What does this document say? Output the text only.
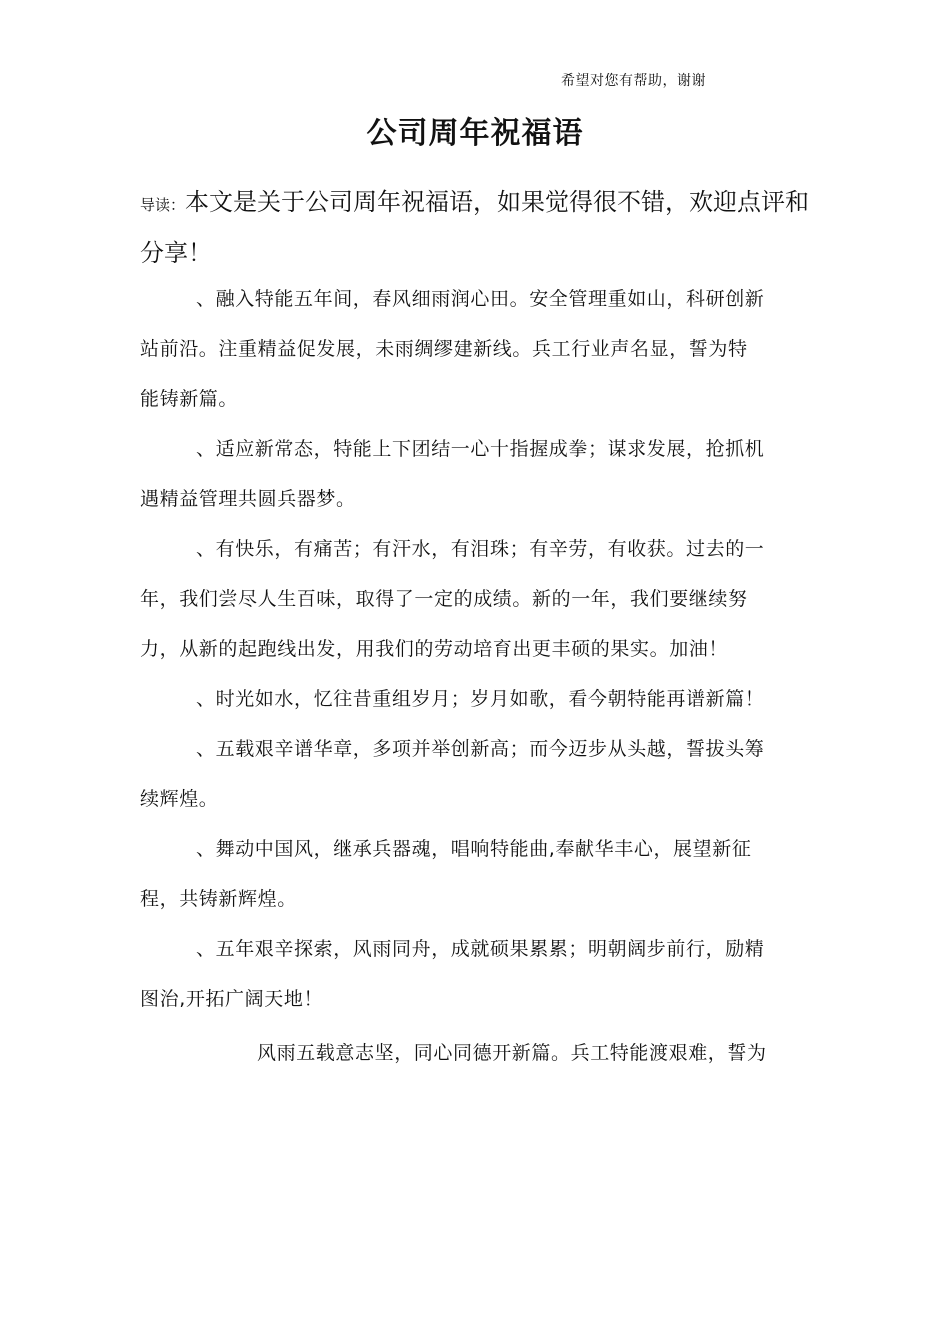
希望对您有帮助，谢谢
公司周年祝福语
导读：本文是关于公司周年祝福语，如果觉得很不错，欢迎点评和分享！
、融入特能五年间，春风细雨润心田。安全管理重如山，科研创新
站前沿。注重精益促发展，未雨绸缪建新线。兵工行业声名显，誓为特
能铸新篇。
、适应新常态，特能上下团结一心十指握成拳；谋求发展，抢抓机
遇精益管理共圆兵器梦。
、有快乐，有痛苦；有汗水，有泪珠；有辛劳，有收获。过去的一
年，我们尝尽人生百味，取得了一定的成绩。新的一年，我们要继续努
力，从新的起跑线出发，用我们的劳动培育出更丰硕的果实。加油！
、时光如水，忆往昔重组岁月；岁月如歌，看今朝特能再谱新篇！
、五载艰辛谱华章，多项并举创新高；而今迈步从头越，誓拔头筹
续辉煌。
、舞动中国风，继承兵器魂，唱响特能曲,奉献华丰心，展望新征
程，共铸新辉煌。
、五年艰辛探索，风雨同舟，成就硕果累累；明朝阔步前行，励精
图治,开拓广阔天地！
风雨五载意志坚，同心同德开新篇。兵工特能渡艰难，誓为
